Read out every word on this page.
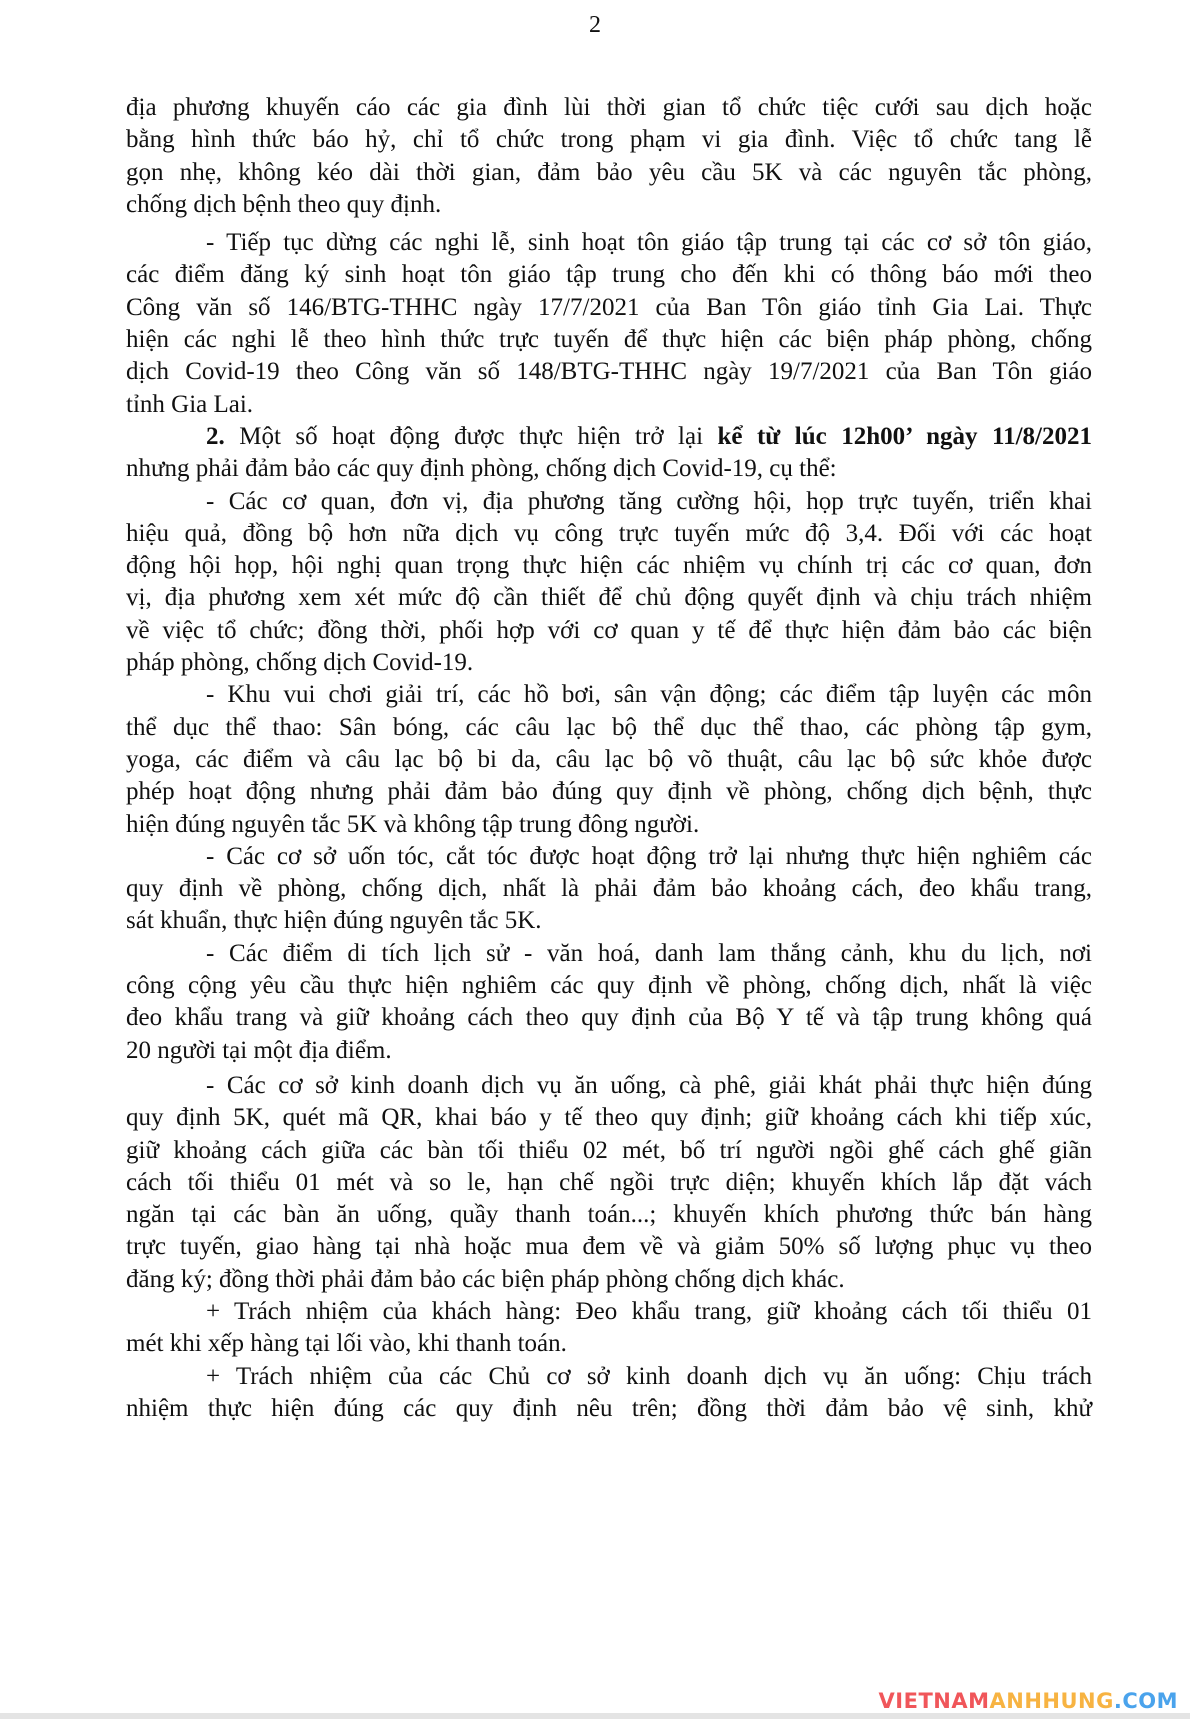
2

địa phương khuyến cáo các gia đình lùi thời gian tổ chức tiệc cưới sau dịch hoặc
bằng hình thức báo hỷ, chỉ tổ chức trong phạm vi gia đình. Việc tổ chức tang lễ
gọn nhẹ, không kéo dài thời gian, đảm bảo yêu cầu 5K và các nguyên tắc phòng,
chống dịch bệnh theo quy định.

- Tiếp tục dừng các nghi lễ, sinh hoạt tôn giáo tập trung tại các cơ sở tôn giáo,
các điểm đăng ký sinh hoạt tôn giáo tập trung cho đến khi có thông báo mới theo
Công văn số 146/BTG-THHC ngày 17/7/2021 của Ban Tôn giáo tỉnh Gia Lai. Thực
hiện các nghi lễ theo hình thức trực tuyến để thực hiện các biện pháp phòng, chống
dịch Covid-19 theo Công văn số 148/BTG-THHC ngày 19/7/2021 của Ban Tôn giáo
tỉnh Gia Lai.

2. Một số hoạt động được thực hiện trở lại kể từ lúc 12h00’ ngày 11/8/2021
nhưng phải đảm bảo các quy định phòng, chống dịch Covid-19, cụ thể:

- Các cơ quan, đơn vị, địa phương tăng cường hội, họp trực tuyến, triển khai
hiệu quả, đồng bộ hơn nữa dịch vụ công trực tuyến mức độ 3,4. Đối với các hoạt
động hội họp, hội nghị quan trọng thực hiện các nhiệm vụ chính trị các cơ quan, đơn
vị, địa phương xem xét mức độ cần thiết để chủ động quyết định và chịu trách nhiệm
về việc tổ chức; đồng thời, phối hợp với cơ quan y tế để thực hiện đảm bảo các biện
pháp phòng, chống dịch Covid-19.

- Khu vui chơi giải trí, các hồ bơi, sân vận động; các điểm tập luyện các môn
thể dục thể thao: Sân bóng, các câu lạc bộ thể dục thể thao, các phòng tập gym,
yoga, các điểm và câu lạc bộ bi da, câu lạc bộ võ thuật, câu lạc bộ sức khỏe được
phép hoạt động nhưng phải đảm bảo đúng quy định về phòng, chống dịch bệnh, thực
hiện đúng nguyên tắc 5K và không tập trung đông người.

- Các cơ sở uốn tóc, cắt tóc được hoạt động trở lại nhưng thực hiện nghiêm các
quy định về phòng, chống dịch, nhất là phải đảm bảo khoảng cách, đeo khẩu trang,
sát khuẩn, thực hiện đúng nguyên tắc 5K.

- Các điểm di tích lịch sử - văn hoá, danh lam thắng cảnh, khu du lịch, nơi
công cộng yêu cầu thực hiện nghiêm các quy định về phòng, chống dịch, nhất là việc
đeo khẩu trang và giữ khoảng cách theo quy định của Bộ Y tế và tập trung không quá
20 người tại một địa điểm.

- Các cơ sở kinh doanh dịch vụ ăn uống, cà phê, giải khát phải thực hiện đúng
quy định 5K, quét mã QR, khai báo y tế theo quy định; giữ khoảng cách khi tiếp xúc,
giữ khoảng cách giữa các bàn tối thiểu 02 mét, bố trí người ngồi ghế cách ghế giãn
cách tối thiểu 01 mét và so le, hạn chế ngồi trực diện; khuyến khích lắp đặt vách
ngăn tại các bàn ăn uống, quầy thanh toán...; khuyến khích phương thức bán hàng
trực tuyến, giao hàng tại nhà hoặc mua đem về và giảm 50% số lượng phục vụ theo
đăng ký; đồng thời phải đảm bảo các biện pháp phòng chống dịch khác.

+ Trách nhiệm của khách hàng: Đeo khẩu trang, giữ khoảng cách tối thiểu 01
mét khi xếp hàng tại lối vào, khi thanh toán.

+ Trách nhiệm của các Chủ cơ sở kinh doanh dịch vụ ăn uống: Chịu trách
nhiệm thực hiện đúng các quy định nêu trên; đồng thời đảm bảo vệ sinh, khử

VIETNAMANHHUNG.COM
